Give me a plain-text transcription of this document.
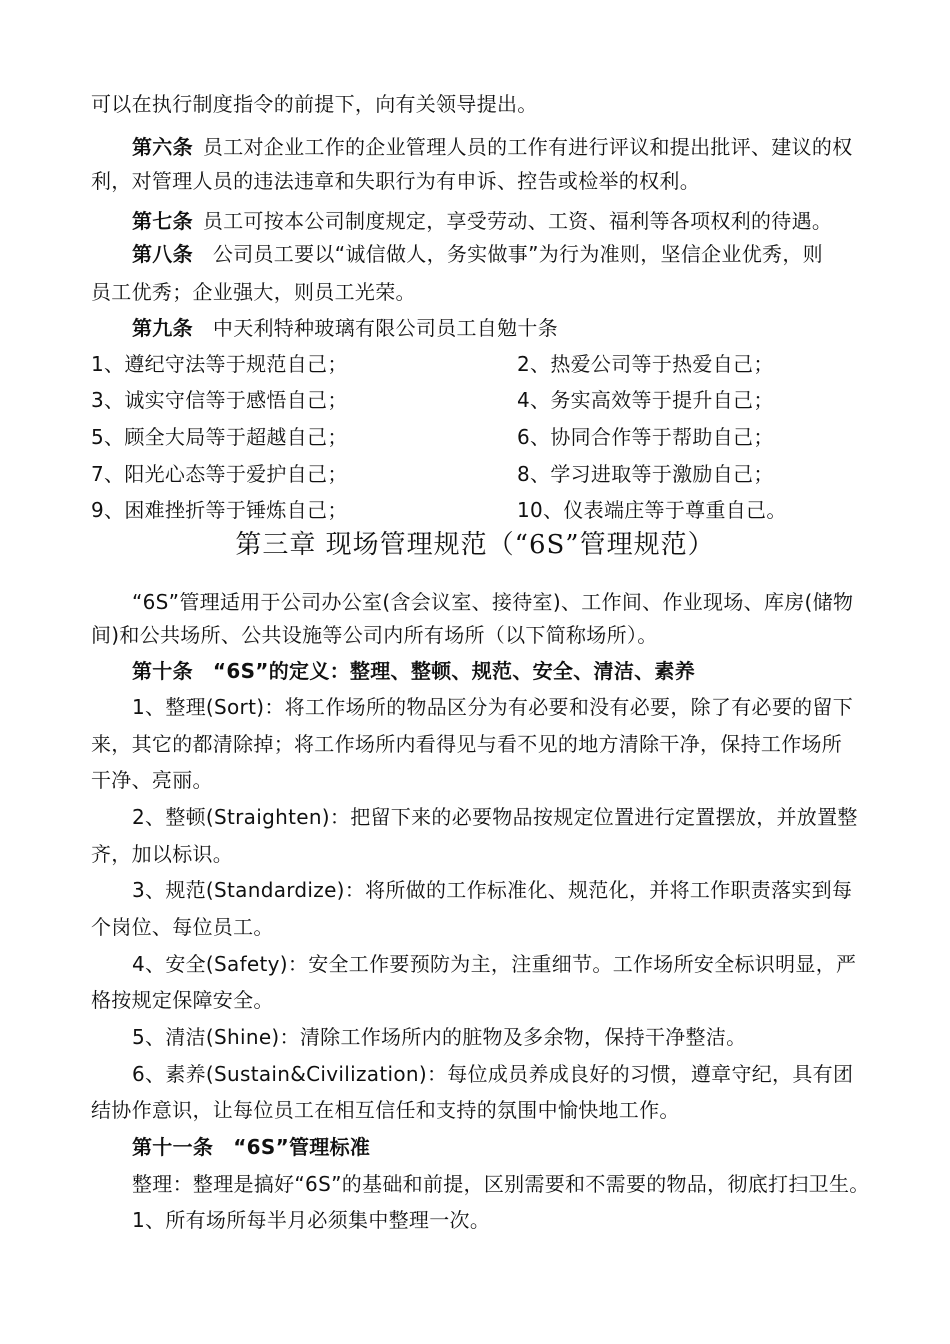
可以在执行制度指令的前提下，向有关领导提出。
第六条 员工对企业工作的企业管理人员的工作有进行评议和提出批评、建议的权
利，对管理人员的违法违章和失职行为有申诉、控告或检举的权利。
第七条 员工可按本公司制度规定，享受劳动、工资、福利等各项权利的待遇。
第八条 公司员工要以“诚信做人，务实做事”为行为准则，坚信企业优秀，则
员工优秀；企业强大，则员工光荣。
第九条 中天利特种玻璃有限公司员工自勉十条
1、遵纪守法等于规范自己；	2、热爱公司等于热爱自己；
3、诚实守信等于感悟自己；	4、务实高效等于提升自己；
5、顾全大局等于超越自己；	6、协同合作等于帮助自己；
7、阳光心态等于爱护自己；	8、学习进取等于激励自己；
9、困难挫折等于锤炼自己；	10、仪表端庄等于尊重自己。
第三章 现场管理规范（“6S”管理规范）
“6S”管理适用于公司办公室(含会议室、接待室)、工作间、作业现场、库房(储物
间)和公共场所、公共设施等公司内所有场所（以下简称场所）。
第十条 “6S”的定义：整理、整顿、规范、安全、清洁、素养
1、整理(Sort)：将工作场所的物品区分为有必要和没有必要，除了有必要的留下
来，其它的都清除掉；将工作场所内看得见与看不见的地方清除干净，保持工作场所
干净、亮丽。
2、整顿(Straighten)：把留下来的必要物品按规定位置进行定置摆放，并放置整
齐，加以标识。
3、规范(Standardize)：将所做的工作标准化、规范化，并将工作职责落实到每
个岗位、每位员工。
4、安全(Safety)：安全工作要预防为主，注重细节。工作场所安全标识明显，严
格按规定保障安全。
5、清洁(Shine)：清除工作场所内的脏物及多余物，保持干净整洁。
6、素养(Sustain&Civilization)：每位成员养成良好的习惯，遵章守纪，具有团
结协作意识，让每位员工在相互信任和支持的氛围中愉快地工作。
第十一条 “6S”管理标准
整理：整理是搞好“6S”的基础和前提，区别需要和不需要的物品，彻底打扫卫生。
1、所有场所每半月必须集中整理一次。
